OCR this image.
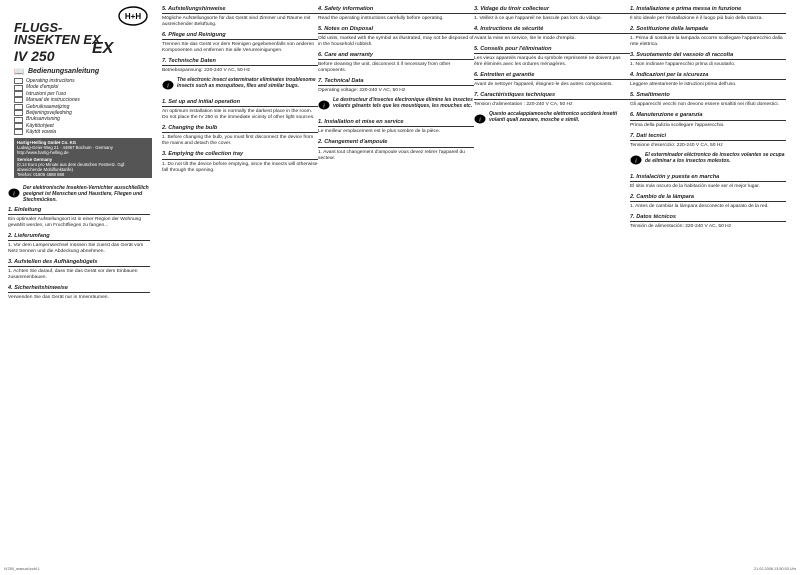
FLUGS-INSEKTEN EX
IV 250
📖 Bedienungsanleitung
Operating instructions
Mode d'emploi
Istruzioni per l'uso
Manual de instrucciones
Gebruiksaanwijzing
Betjeningsvejledning
Bruksanvisning
Käyttöohjeet
Käytöt vovela
H+H
EX
Hartig+Helling GmbH Co. KG
Ludwig-Geier-Weg 21 · 44867 Bochum · Germany
http://www.hartig-helling.de
Service Germany
(0,14 Euro pro Minute aus dem deutschen Festnetz. Ggf. abweichende Mobilfunktarife)
Telefon: 01805 4888 888
Telefax: 01805 4888 889
i
Der elektronische Insekten-Vernichter ausschließlich geeignet ist Menschen und Haustiere, Fliegen und Stechmücken.
1. Einleitung
Ein optimaler Aufstellungsort ist in einer Region der Wohnung gewählt werden, um Fruchtfliegen zu fangen...
2. Lieferumfang
1. Vor dem Lampenwechsel müssen Sie zuerst das Gerät vom Netz trennen und die Abdeckung abnehmen.
3. Aufstellen des Aufhängebügels
1. Achten Sie darauf, dass Sie das Gerät vor dem Einbauen zusammenbauen.
4. Sicherheitshinweise
Verwenden Sie das Gerät nur in Innenräumen.
5. Aufstellungshinweise
Mögliche Aufstellungsorte für das Gerät sind Zimmer und Räume mit ausreichender Belüftung.
6. Pflege und Reinigung
Trennen Sie das Gerät vor dem Reinigen gegebenenfalls von anderen Komponenten und entfernen Sie alle Verunreinigungen.
7. Technische Daten
Betriebsspannung: 220-240 V AC, 50 Hz
i
The electronic insect exterminator eliminates troublesome insects such as mosquitoes, flies and similar bugs.
1. Set up and initial operation
An optimum installation site is normally the darkest place in the room. Do not place the IV 250 in the immediate vicinity of other light sources.
2. Changing the bulb
1. Before changing the bulb, you must first disconnect the device from the mains and detach the cover.
3. Emptying the collection tray
1. Do not tilt the device before emptying, since the insects will otherwise fall through the opening.
4. Safety information
Read the operating instructions carefully before operating.
5. Notes on Disposal
Old units, marked with the symbol as illustrated, may not be disposed of in the household rubbish.
6. Care and warranty
Before cleaning the unit, disconnect it if necessary from other components.
7. Technical Data
Operating voltage: 220-240 V AC, 50 Hz
i
Le destructeur d'insectes électronique élimine les insectes volants gênants tels que les moustiques, les mouches etc.
1. Installation et mise en service
Le meilleur emplacement est le plus sombre de la pièce.
2. Changement d'ampoule
1. Avant tout changement d'ampoule vous devez retirer l'appareil du secteur.
3. Vidage du tiroir collecteur
1. Veillez à ce que l'appareil ne bascule pas lors du vidage.
4. Instructions de sécurité
Avant la mise en service, lire le mode d'emploi.
5. Conseils pour l'élimination
Les vieux appareils marqués du symbole représenté ne doivent pas être éliminés avec les ordures ménagères.
6. Entretien et garantie
Avant de nettoyer l'appareil, éloignez-le des autres composants.
7. Caractéristiques techniques
Tension d'alimentation : 220-240 V CA, 50 Hz
i
Questo accalappiamosche elettronico ucciderà insetti volanti quali zanzare, mosche e simili.
1. Installazione e prima messa in funzione
Il sito ideale per l'installazione è il luogo più buio della stanza.
2. Sostituzione della lampada
1. Prima di sostituire la lampada occorre scollegare l'apparecchio dalla rete elettrica.
3. Svuotamento del vassoio di raccolta
1. Non inclinare l'apparecchio prima di svuotarlo.
4. Indicazioni per la sicurezza
Leggere attentamente le istruzioni prima dell'uso.
5. Smaltimento
Gli apparecchi vecchi non devono essere smaltiti nei rifiuti domestici.
6. Manutenzione e garanzia
Prima della pulizia scollegare l'apparecchio.
7. Dati tecnici
Tensione d'esercizio: 220-240 V CA, 50 Hz
i
El exterminador eléctronico de insectos volantes se ocupa de eliminar a los insectos molestos.
1. Instalación y puesta en marcha
El sitio más oscuro de la habitación suele ser el mejor lugar.
2. Cambio de la lámpara
1. Antes de cambiar la lámpara desconecte el aparato de la red.
7. Datos técnicos
Tensión de alimentación: 220-240 V AC, 50 Hz
IV250_manual.indd 1	21.02.2008 13:50:53 Uhr
